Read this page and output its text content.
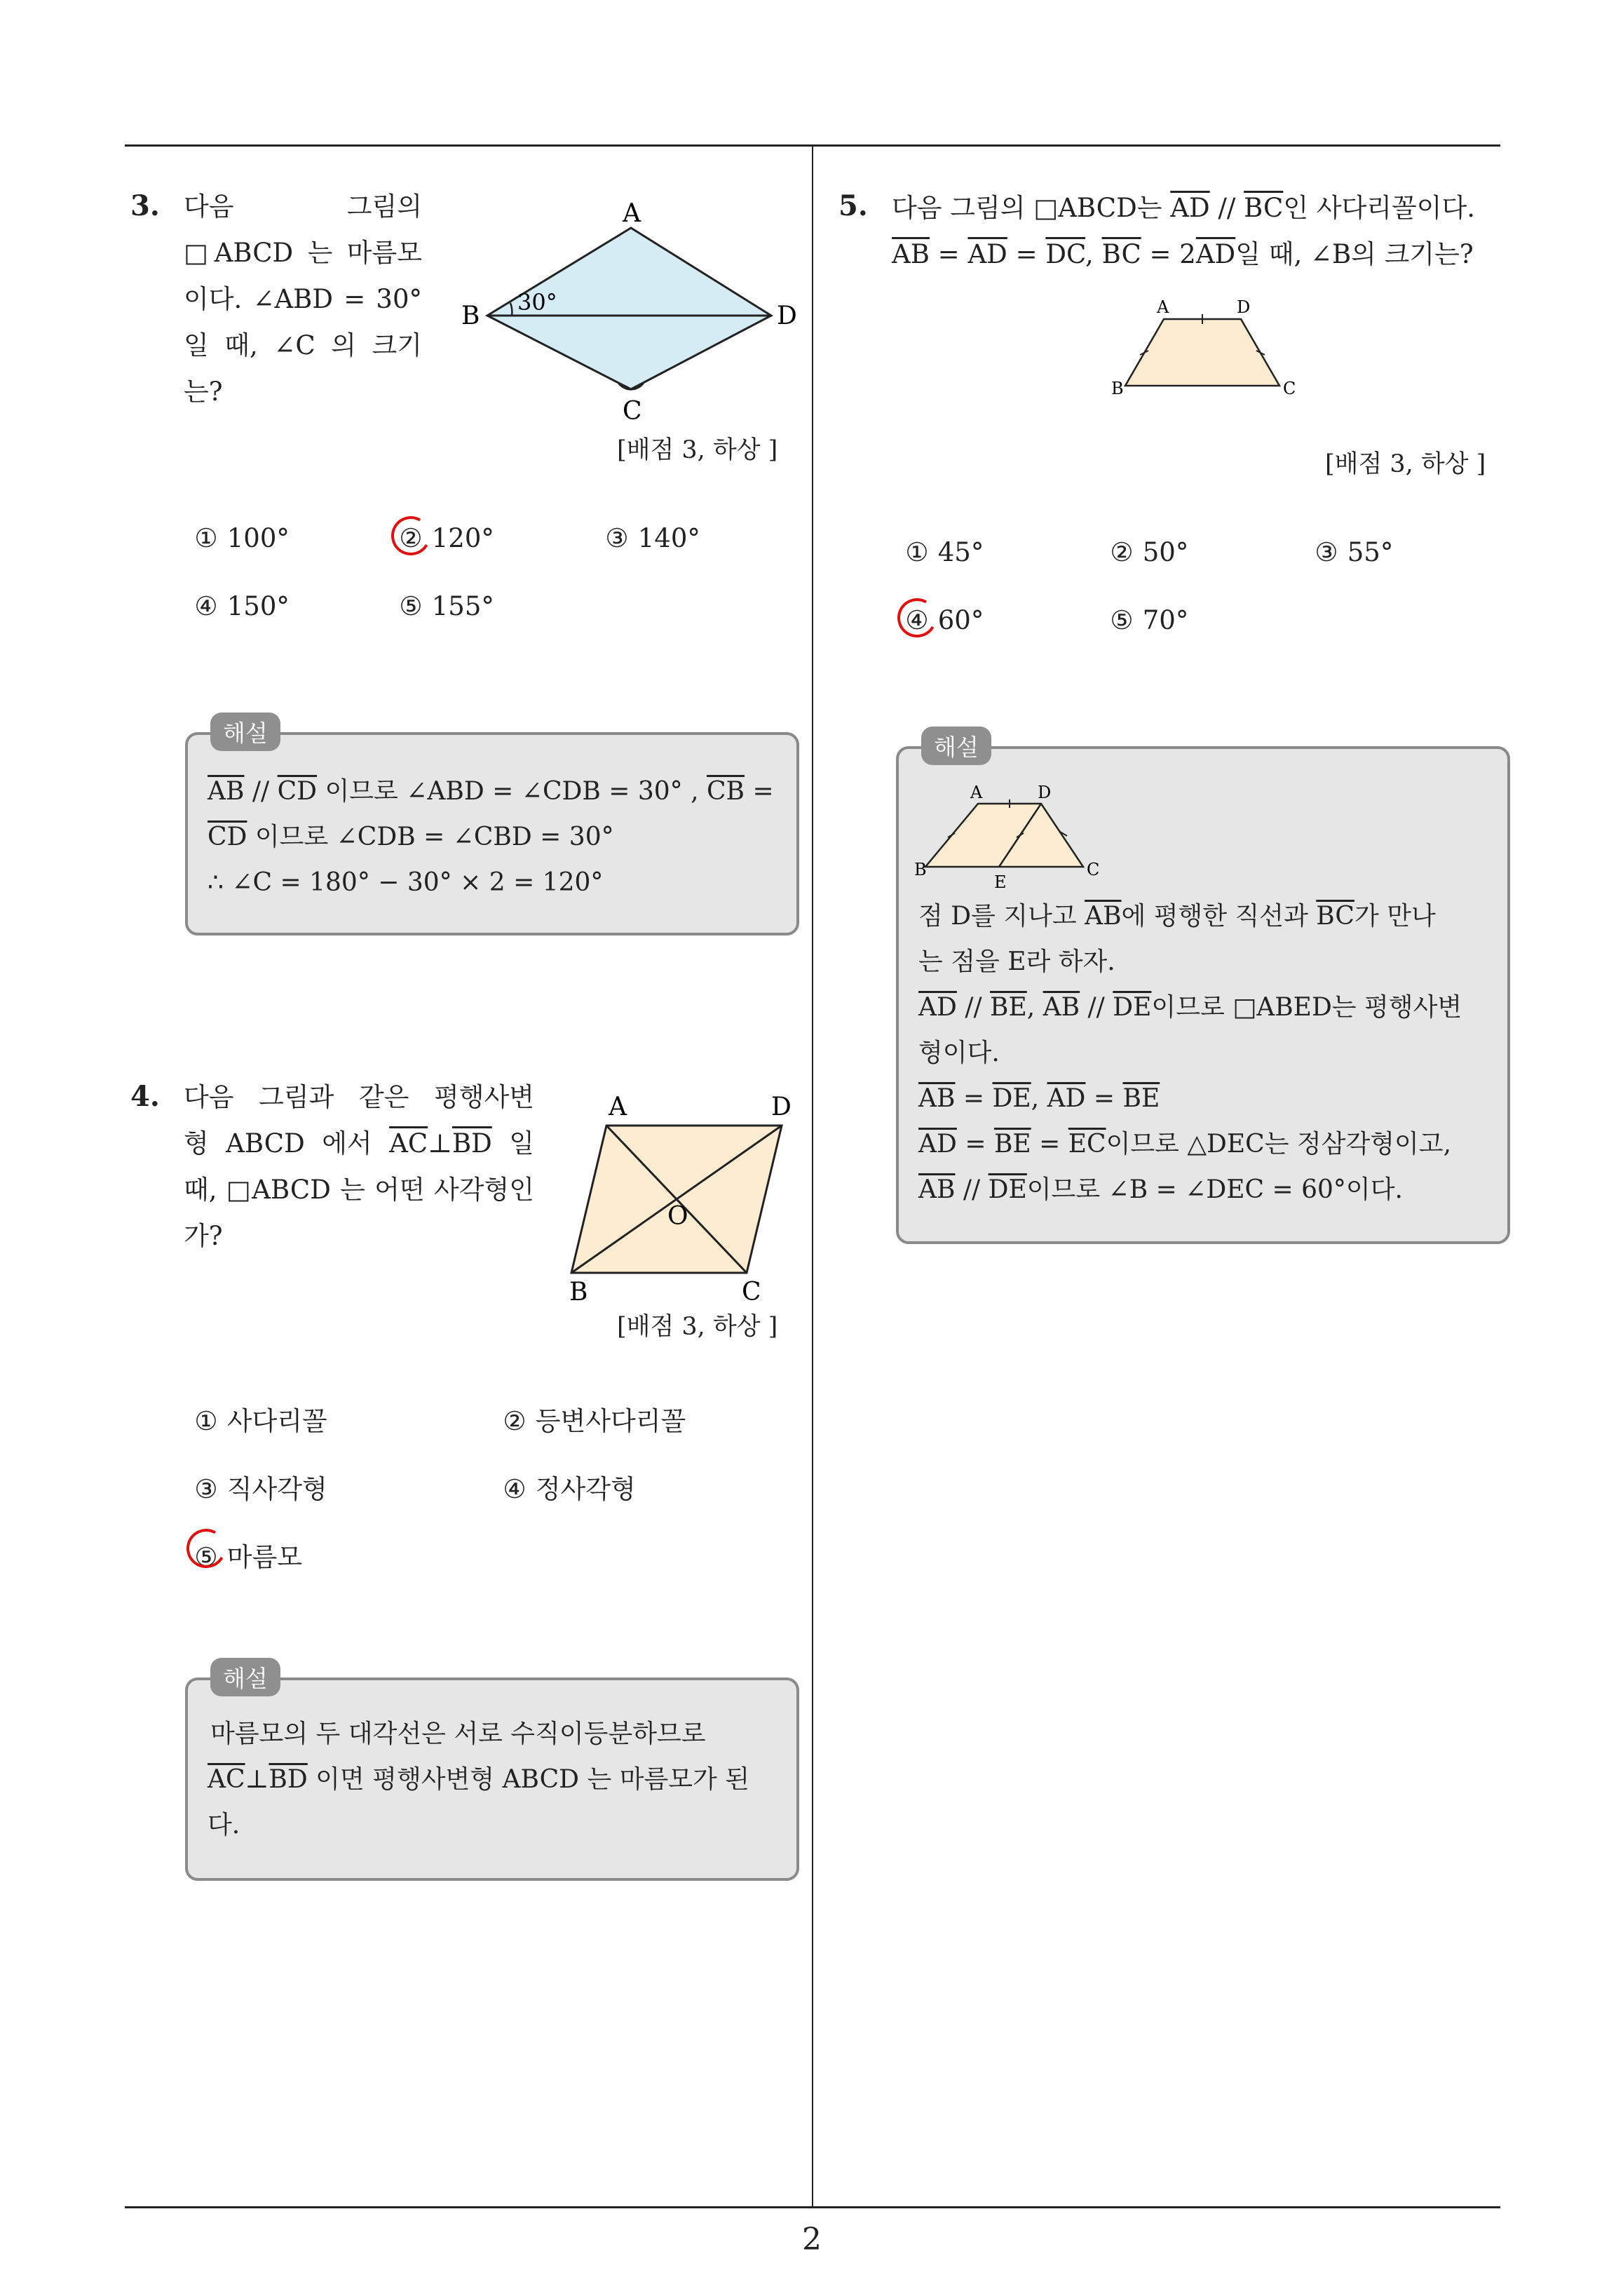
2
3. 다음 그림의
□ABCD 는 마름모
이다. ∠ABD = 30°
일 때, ∠C 의 크기
는?
A
B
C
D
30°
[배점 3, 하상 ]
① 100°	② 120°	③ 140°
④ 150°	⑤ 155°
해설
$\overline{AB} // \overline{CD}$ 이므로 ∠ABD = ∠CDB = 30° , $\overline{CB}$ =
$\overline{CD}$ 이므로 ∠CDB = ∠CBD = 30°
∴ ∠C = 180° − 30° × 2 = 120°
4. 다음 그림과 같은 평행사변
형 ABCD 에서 $\overline{AC}\perp\overline{BD}$ 일
때, □ABCD 는 어떤 사각형인
가?
A	D
B	C
O
[배점 3, 하상 ]
① 사다리꼴	② 등변사다리꼴
③ 직사각형	④ 정사각형
⑤ 마름모
해설
마름모의 두 대각선은 서로 수직이등분하므로
$\overline{AC}\perp\overline{BD}$ 이면 평행사변형 ABCD 는 마름모가 된
다.
5. 다음 그림의 □ABCD는 $\overline{AD} // \overline{BC}$인 사다리꼴이다.
$\overline{AB} = \overline{AD} = \overline{DC}$, $\overline{BC} = 2\overline{AD}$일 때, ∠B의 크기는?
A	D
B	C
[배점 3, 하상 ]
① 45°	② 50°	③ 55°
④ 60°	⑤ 70°
해설
A	D
B
E
C
점 D를 지나고 $\overline{AB}$에 평행한 직선과 $\overline{BC}$가 만나
는 점을 E라 하자.
$\overline{AD} // \overline{BE}$, $\overline{AB} // \overline{DE}$이므로 □ABED는 평행사변
형이다.
$\overline{AB} = \overline{DE}$, $\overline{AD} = \overline{BE}$
$\overline{AD} = \overline{BE} = \overline{EC}$이므로 △DEC는 정삼각형이고,
$\overline{AB} // \overline{DE}$이므로 ∠B = ∠DEC = 60°이다.
